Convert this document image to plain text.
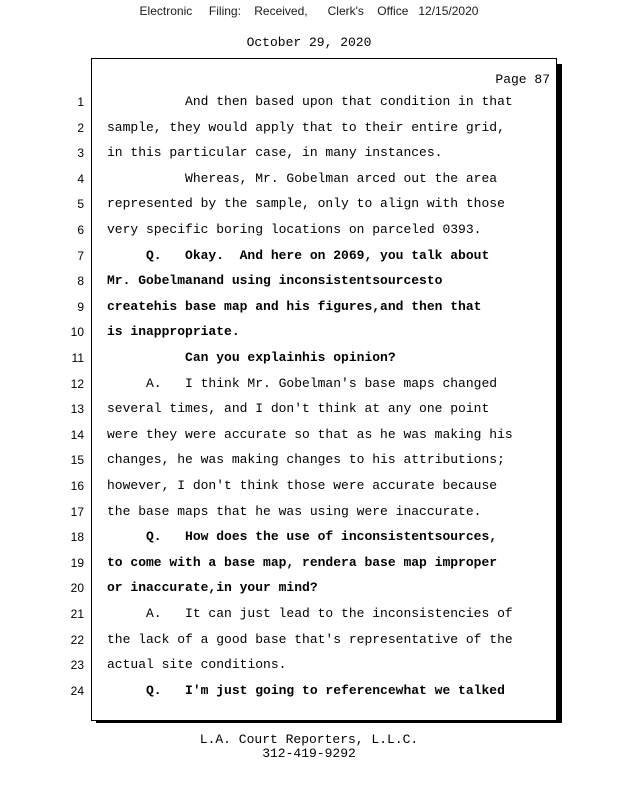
Electronic     Filing:    Received,      Clerk's    Office   12/15/2020
October 29, 2020
Page 87
1 And then based upon that condition in that
2 sample, they would apply that to their entire grid,
3 in this particular case, in many instances.
4 Whereas, Mr. Gobelman arced out the area
5 represented by the sample, only to align with those
6 very specific boring locations on parceled 0393.
7 Q.   Okay.  And here on 2069, you talk about
8 Mr. Gobelmanand using inconsistentsourcesto
9 createhis base map and his figures,and then that
10 is inappropriate.
11 Can you explainhis opinion?
12 A.   I think Mr. Gobelman's base maps changed
13 several times, and I don't think at any one point
14 were they were accurate so that as he was making his
15 changes, he was making changes to his attributions;
16 however, I don't think those were accurate because
17 the base maps that he was using were inaccurate.
18 Q.   How does the use of inconsistentsources,
19 to come with a base map, rendera base map improper
20 or inaccurate,in your mind?
21 A.   It can just lead to the inconsistencies of
22 the lack of a good base that's representative of the
23 actual site conditions.
24 Q.   I'm just going to referencewhat we talked
L.A. Court Reporters, L.L.C.
312-419-9292
